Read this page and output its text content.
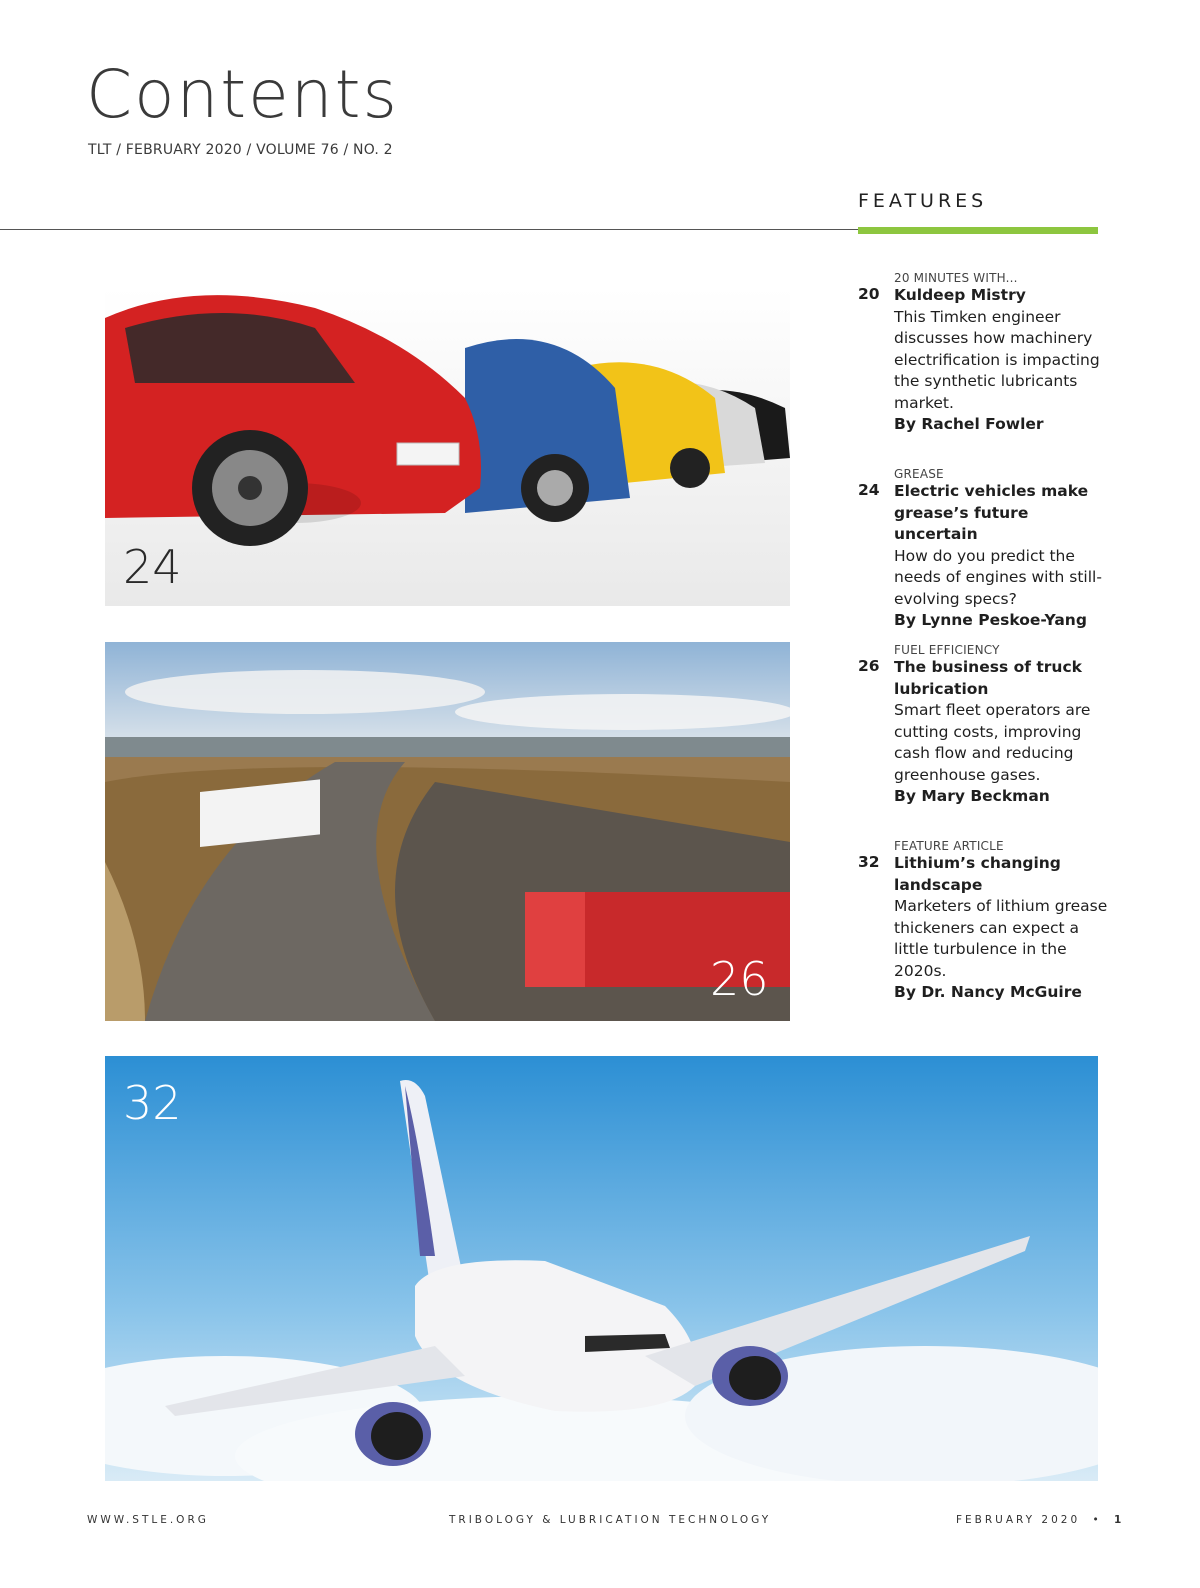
Contents
TLT / FEBRUARY 2020 / VOLUME 76 / NO. 2
FEATURES
24
26
32
20 MINUTES WITH...
20 Kuldeep Mistry
This Timken engineer discusses how machinery electrification is impacting the synthetic lubricants market.
By Rachel Fowler
GREASE
24 Electric vehicles make grease’s future uncertain
How do you predict the needs of engines with still-evolving specs?
By Lynne Peskoe-Yang
FUEL EFFICIENCY
26 The business of truck lubrication
Smart fleet operators are cutting costs, improving cash flow and reducing greenhouse gases.
By Mary Beckman
FEATURE ARTICLE
32 Lithium’s changing landscape
Marketers of lithium grease thickeners can expect a little turbulence in the 2020s.
By Dr. Nancy McGuire
WWW.STLE.ORG	TRIBOLOGY & LUBRICATION TECHNOLOGY	FEBRUARY 2020 • 1
